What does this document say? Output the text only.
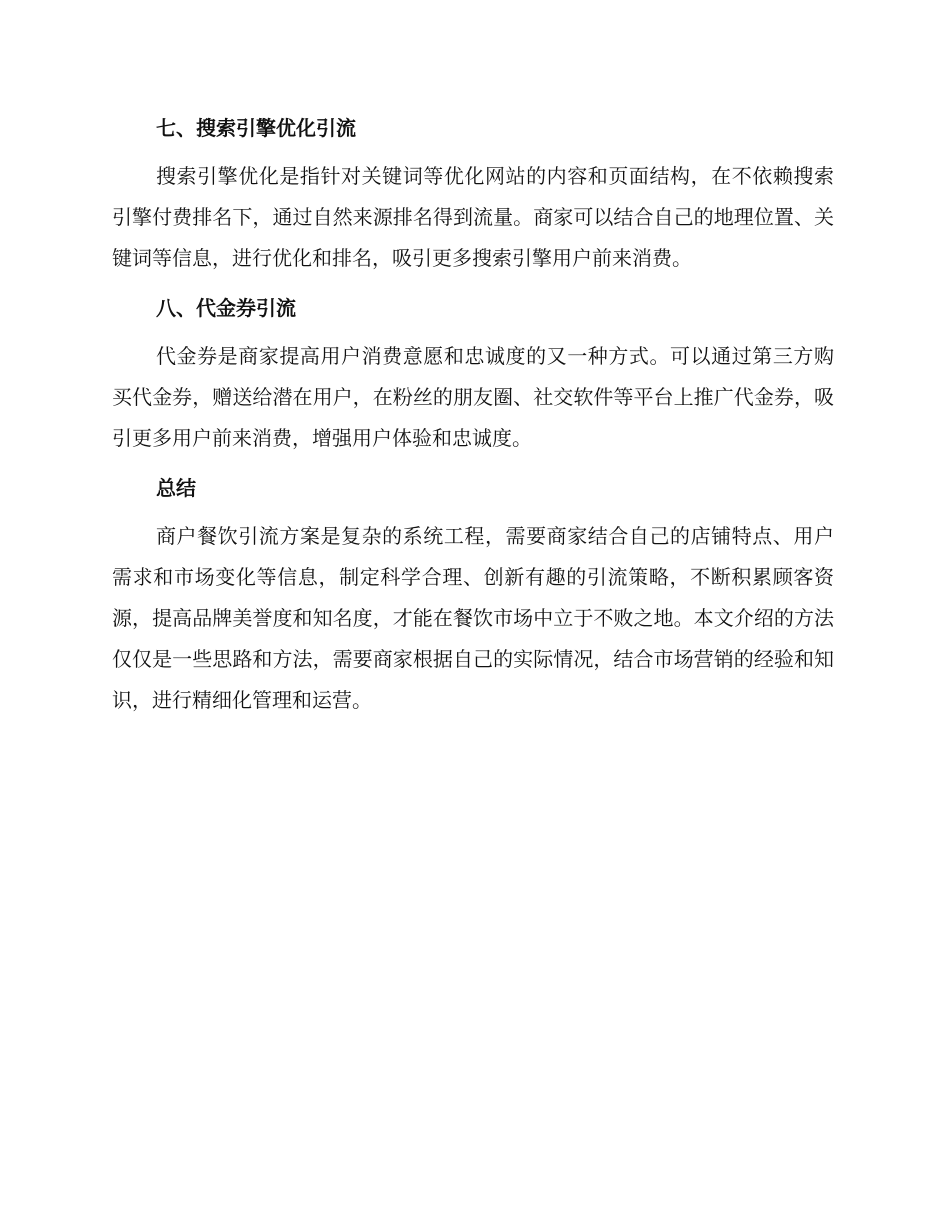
七、搜索引擎优化引流

搜索引擎优化是指针对关键词等优化网站的内容和页面结构，在不依赖搜索引擎付费排名下，通过自然来源排名得到流量。商家可以结合自己的地理位置、关键词等信息，进行优化和排名，吸引更多搜索引擎用户前来消费。

八、代金券引流

代金券是商家提高用户消费意愿和忠诚度的又一种方式。可以通过第三方购买代金券，赠送给潜在用户，在粉丝的朋友圈、社交软件等平台上推广代金券，吸引更多用户前来消费，增强用户体验和忠诚度。

总结

商户餐饮引流方案是复杂的系统工程，需要商家结合自己的店铺特点、用户需求和市场变化等信息，制定科学合理、创新有趣的引流策略，不断积累顾客资源，提高品牌美誉度和知名度，才能在餐饮市场中立于不败之地。本文介绍的方法仅仅是一些思路和方法，需要商家根据自己的实际情况，结合市场营销的经验和知识，进行精细化管理和运营。
